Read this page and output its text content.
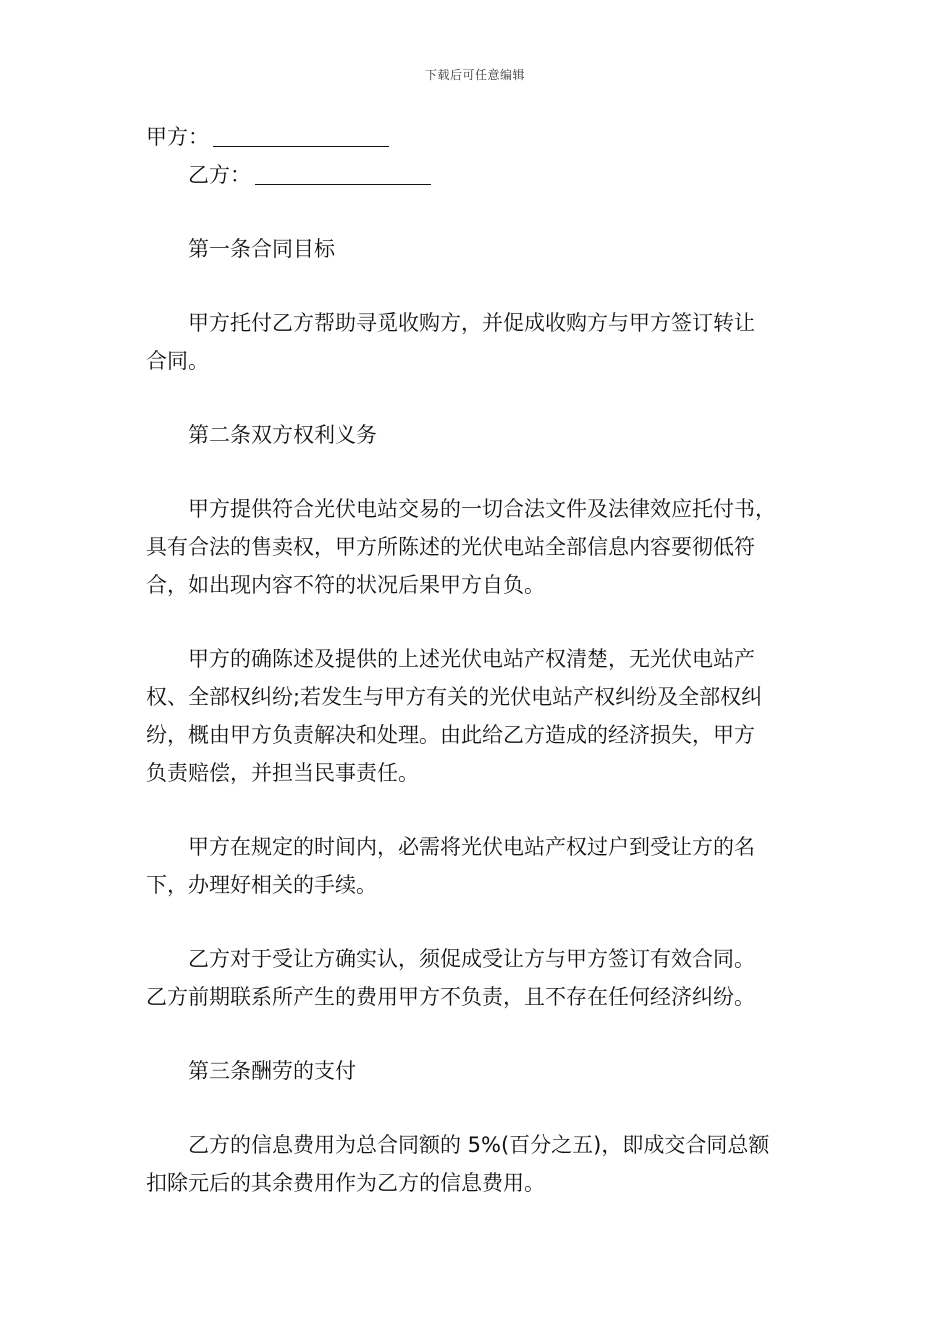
下载后可任意编辑

甲方：

乙方：

第一条合同目标

甲方托付乙方帮助寻觅收购方，并促成收购方与甲方签订转让

合同。

第二条双方权利义务

甲方提供符合光伏电站交易的一切合法文件及法律效应托付书，

具有合法的售卖权，甲方所陈述的光伏电站全部信息内容要彻低符

合，如出现内容不符的状况后果甲方自负。

甲方的确陈述及提供的上述光伏电站产权清楚，无光伏电站产

权、全部权纠纷;若发生与甲方有关的光伏电站产权纠纷及全部权纠

纷，概由甲方负责解决和处理。由此给乙方造成的经济损失，甲方

负责赔偿，并担当民事责任。

甲方在规定的时间内，必需将光伏电站产权过户到受让方的名

下，办理好相关的手续。

乙方对于受让方确实认，须促成受让方与甲方签订有效合同。

乙方前期联系所产生的费用甲方不负责，且不存在任何经济纠纷。

第三条酬劳的支付

乙方的信息费用为总合同额的 5%(百分之五)，即成交合同总额

扣除元后的其余费用作为乙方的信息费用。
